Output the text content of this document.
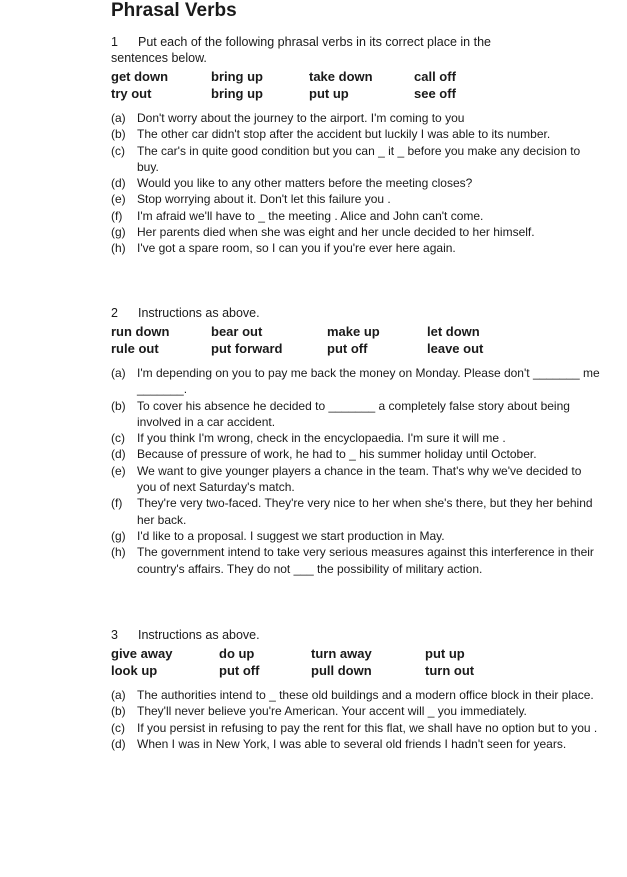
Phrasal Verbs
1 Put each of the following phrasal verbs in its correct place in the sentences below.
get down	bring up	take down	call off
try out	bring up	put up	see off
(a) Don't worry about the journey to the airport. I'm coming to you
(b) The other car didn't stop after the accident but luckily I was able to its number.
(c) The car's in quite good condition but you can _ it _ before you make any decision to buy.
(d) Would you like to any other matters before the meeting closes?
(e) Stop worrying about it. Don't let this failure you .
(f) I'm afraid we'll have to _ the meeting . Alice and John can't come.
(g) Her parents died when she was eight and her uncle decided to her himself.
(h) I've got a spare room, so I can you if you're ever here again.
2 Instructions as above.
run down	bear out	make up	let down
rule out	put forward	put off	leave out
(a) I'm depending on you to pay me back the money on Monday. Please don't _______ me _______.
(b) To cover his absence he decided to _______ a completely false story about being involved in a car accident.
(c) If you think I'm wrong, check in the encyclopaedia. I'm sure it will me .
(d) Because of pressure of work, he had to _ his summer holiday until October.
(e) We want to give younger players a chance in the team. That's why we've decided to you of next Saturday's match.
(f) They're very two-faced. They're very nice to her when she's there, but they her behind her back.
(g) I'd like to a proposal. I suggest we start production in May.
(h) The government intend to take very serious measures against this interference in their country's affairs. They do not ___ the possibility of military action.
3 Instructions as above.
give away	do up	turn away	put up
look up	put off	pull down	turn out
(a) The authorities intend to _ these old buildings and a modern office block in their place.
(b) They'll never believe you're American. Your accent will _ you immediately.
(c) If you persist in refusing to pay the rent for this flat, we shall have no option but to you .
(d) When I was in New York, I was able to several old friends I hadn't seen for years.
